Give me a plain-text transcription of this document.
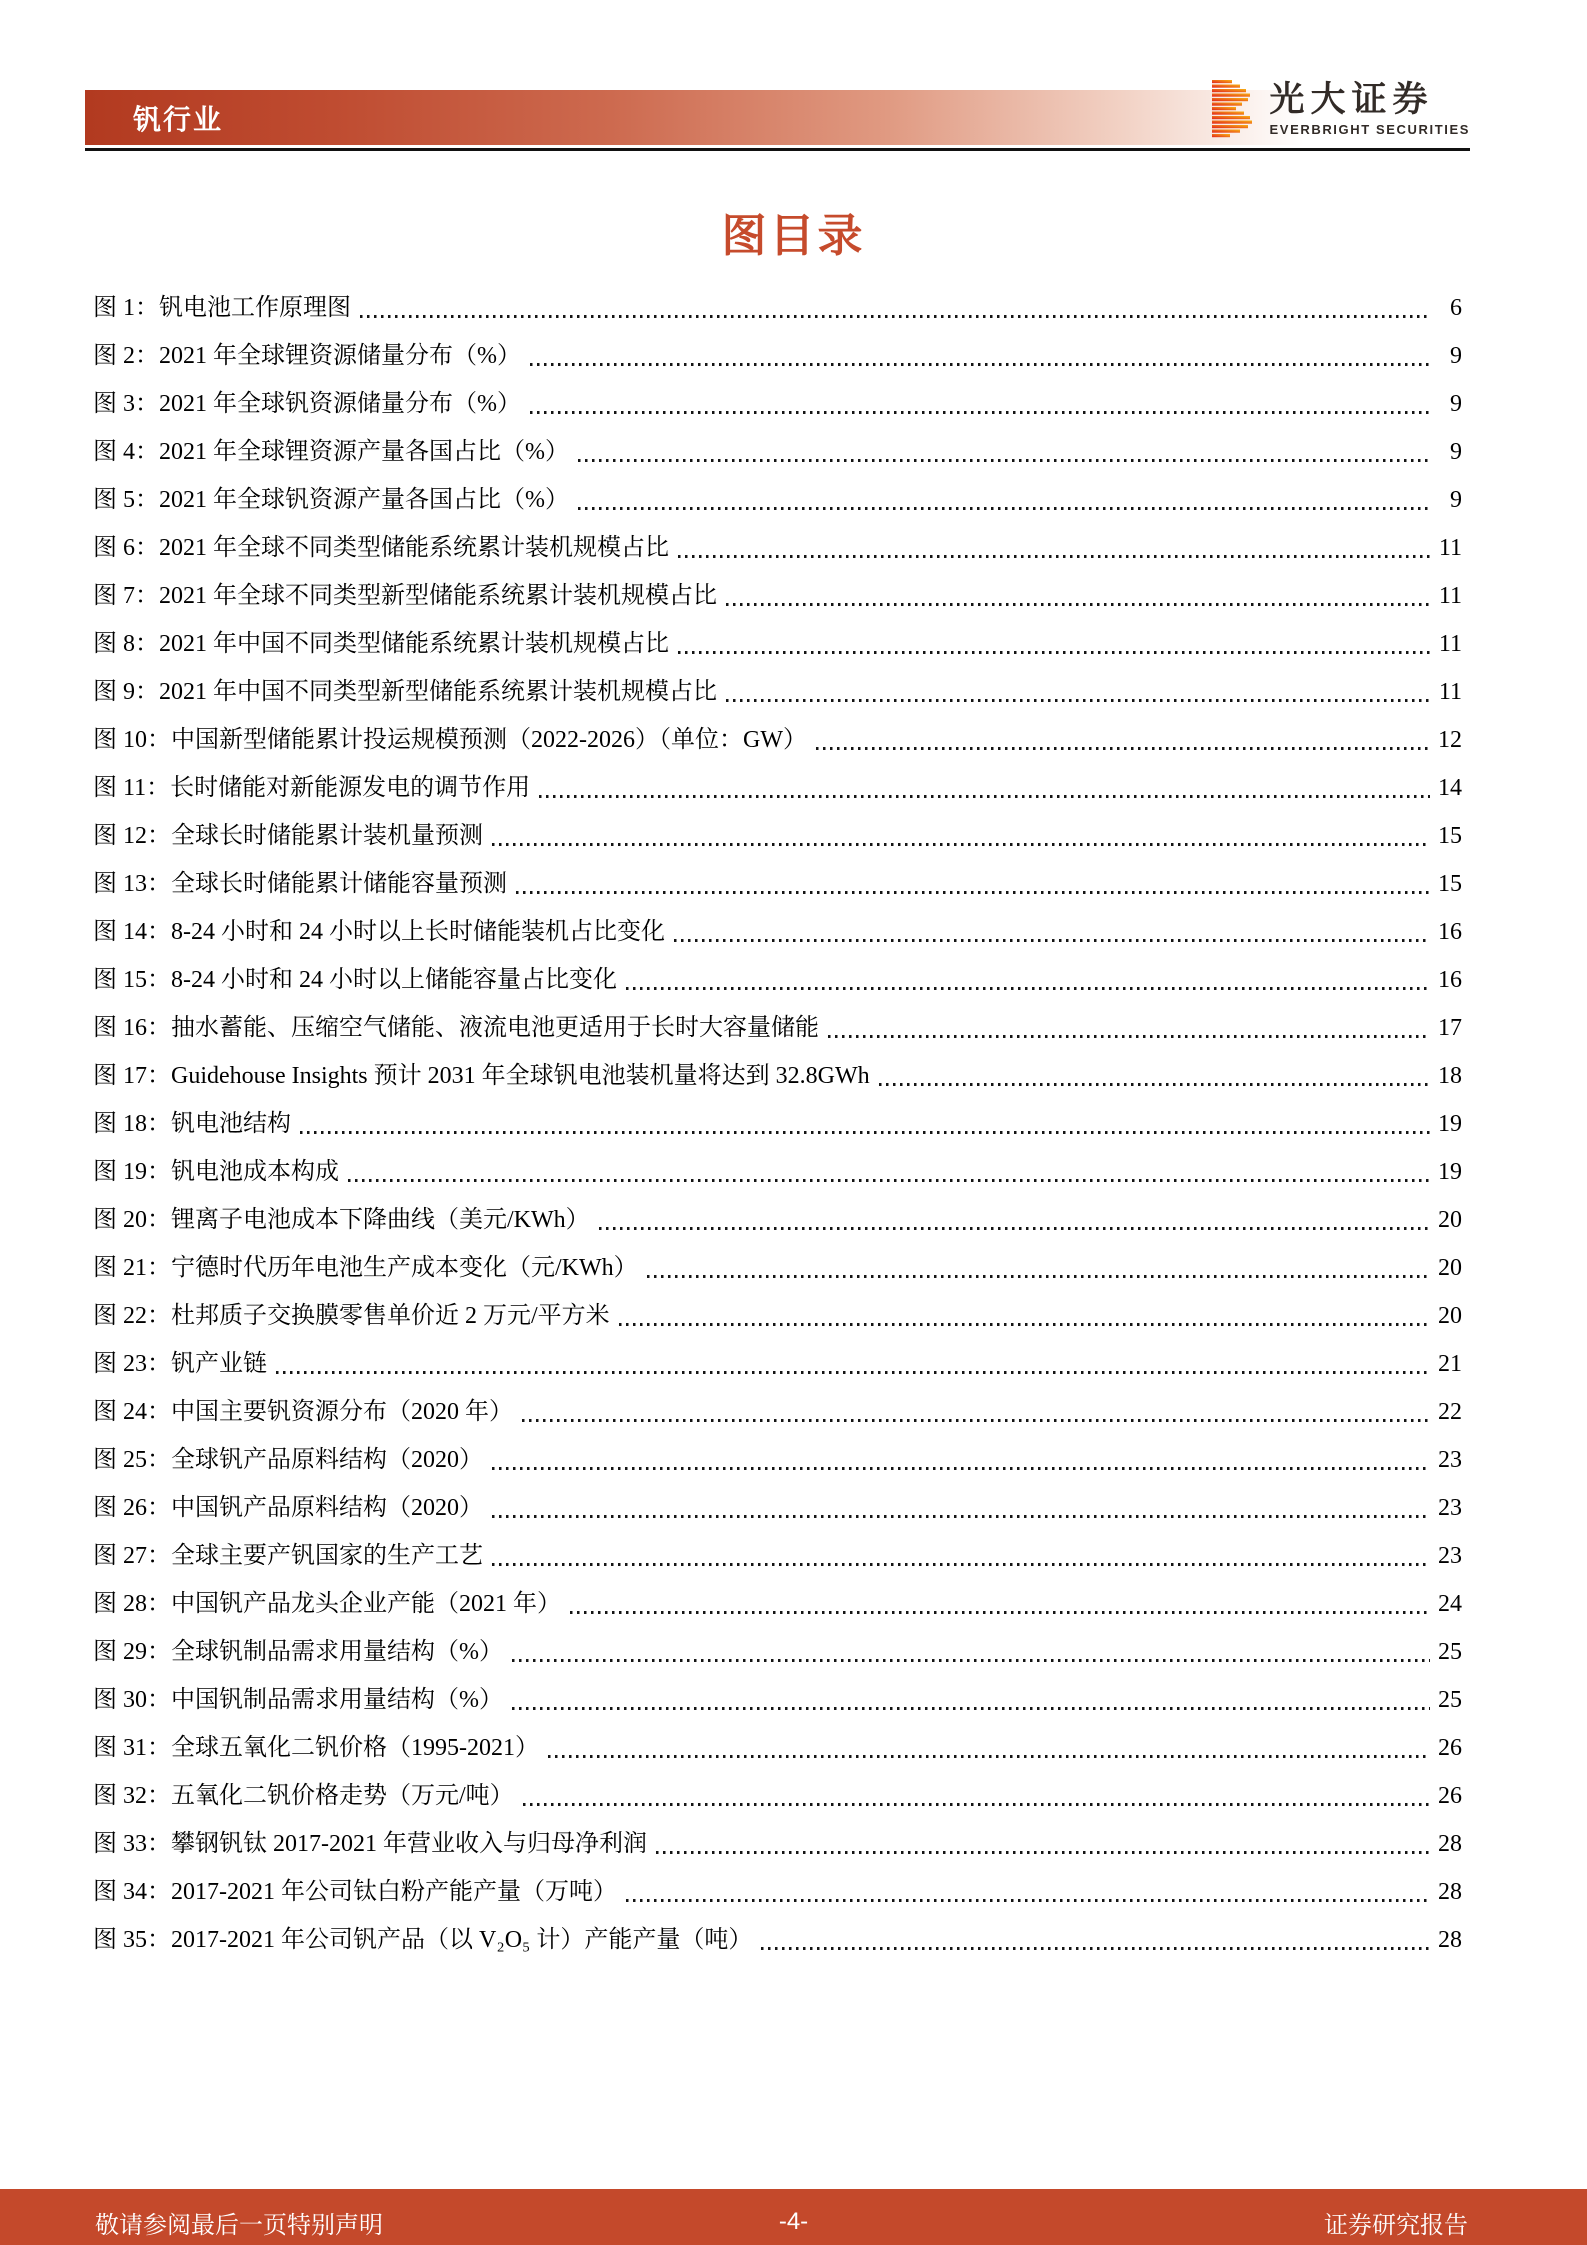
钒行业	光大证券
EVERBRIGHT SECURITIES
图目录
图 1：钒电池工作原理图	6
图 2：2021 年全球锂资源储量分布（%）	9
图 3：2021 年全球钒资源储量分布（%）	9
图 4：2021 年全球锂资源产量各国占比（%）	9
图 5：2021 年全球钒资源产量各国占比（%）	9
图 6：2021 年全球不同类型储能系统累计装机规模占比	11
图 7：2021 年全球不同类型新型储能系统累计装机规模占比	11
图 8：2021 年中国不同类型储能系统累计装机规模占比	11
图 9：2021 年中国不同类型新型储能系统累计装机规模占比	11
图 10：中国新型储能累计投运规模预测（2022-2026）（单位：GW）	12
图 11：长时储能对新能源发电的调节作用	14
图 12：全球长时储能累计装机量预测	15
图 13：全球长时储能累计储能容量预测	15
图 14：8-24 小时和 24 小时以上长时储能装机占比变化	16
图 15：8-24 小时和 24 小时以上储能容量占比变化	16
图 16：抽水蓄能、压缩空气储能、液流电池更适用于长时大容量储能	17
图 17：Guidehouse Insights 预计 2031 年全球钒电池装机量将达到 32.8GWh	18
图 18：钒电池结构	19
图 19：钒电池成本构成	19
图 20：锂离子电池成本下降曲线（美元/KWh）	20
图 21：宁德时代历年电池生产成本变化（元/KWh）	20
图 22：杜邦质子交换膜零售单价近 2 万元/平方米	20
图 23：钒产业链	21
图 24：中国主要钒资源分布（2020 年）	22
图 25：全球钒产品原料结构（2020）	23
图 26：中国钒产品原料结构（2020）	23
图 27：全球主要产钒国家的生产工艺	23
图 28：中国钒产品龙头企业产能（2021 年）	24
图 29：全球钒制品需求用量结构（%）	25
图 30：中国钒制品需求用量结构（%）	25
图 31：全球五氧化二钒价格（1995-2021）	26
图 32：五氧化二钒价格走势（万元/吨）	26
图 33：攀钢钒钛 2017-2021 年营业收入与归母净利润	28
图 34：2017-2021 年公司钛白粉产能产量（万吨）	28
图 35：2017-2021 年公司钒产品（以 V₂O₅ 计）产能产量（吨）	28
敬请参阅最后一页特别声明	-4-	证券研究报告
